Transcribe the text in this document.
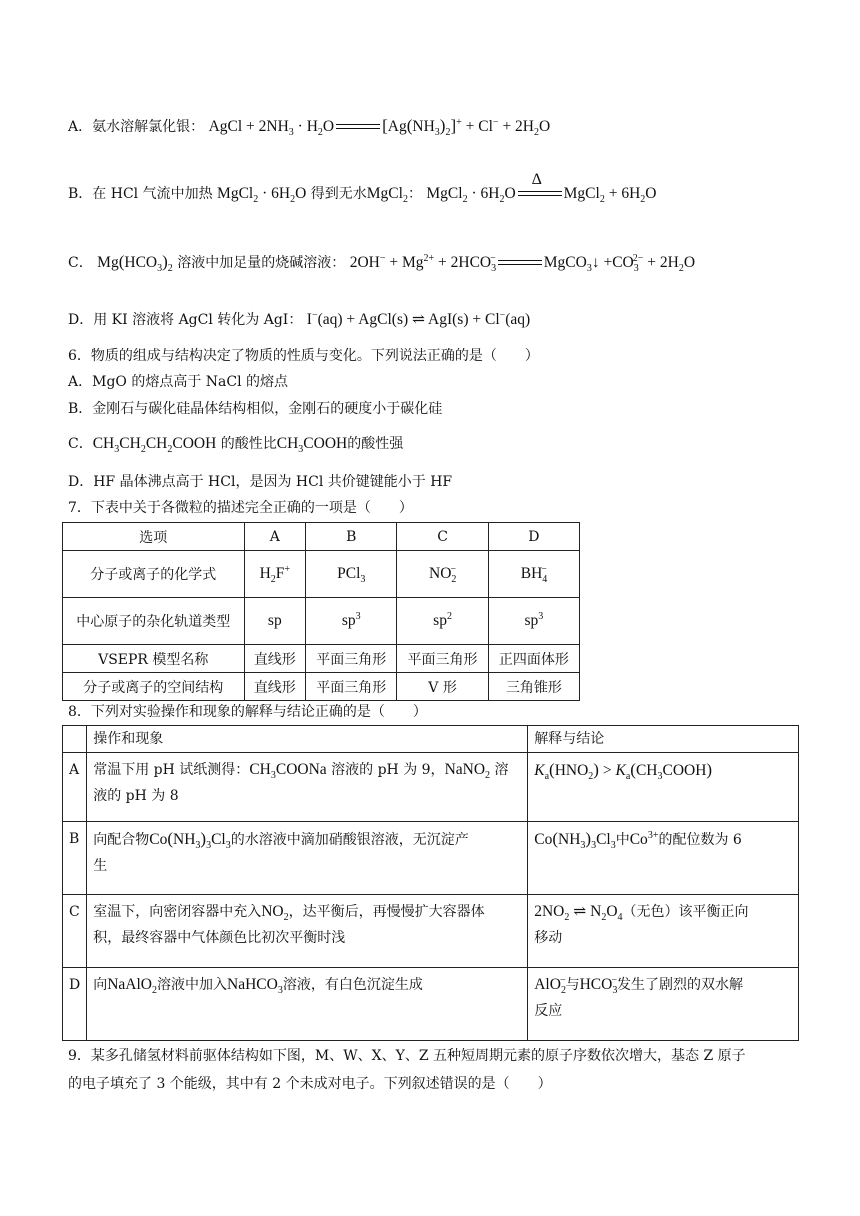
A．氨水溶解氯化银： AgCl + $2NH_3 \cdot H_2O$	$[Ag(NH_3)_2]^+ + Cl^- + 2H_2O$
B．在 HCl 气流中加热 MgCl$_2$ · $6H_2O$ 得到无水MgCl$_2$： MgCl$_2$ · $6H_2O$
Δ
MgCl$_2$ + $6H_2O$
C． $Mg(HCO_3)_2$ 溶液中加足量的烧碱溶液： $2OH^- + Mg^{2+} + 2HCO_3^-$	MgCO$_3$↓ $+CO_3^{2-} + 2H_2O$
D．用 KI 溶液将 AgCl 转化为 AgI： I−(aq) + AgCl(s) ⇌ AgI(s) + Cl−(aq)
6．物质的组成与结构决定了物质的性质与变化。下列说法正确的是（　　）
A．MgO 的熔点高于 NaCl 的熔点
B．金刚石与碳化硅晶体结构相似，金刚石的硬度小于碳化硅
C．$CH_3CH_2CH_2COOH$ 的酸性比$CH_3COOH$的酸性强
D．HF 晶体沸点高于 HCl，是因为 HCl 共价键键能小于 HF
7．下表中关于各微粒的描述完全正确的一项是（　　）
选项	A	B	C	D
分子或离子的化学式	$H_2F^+$	PCl$_3$	$NO_2^-$	$BH_4^-$
中心原子的杂化轨道类型	sp	$sp^3$	$sp^2$	$sp^3$
VSEPR 模型名称	直线形	平面三角形	平面三角形	正四面体形
分子或离子的空间结构	直线形	平面三角形	V 形	三角锥形
8．下列对实验操作和现象的解释与结论正确的是（　　）
	操作和现象	解释与结论
A	常温下用 pH 试纸测得：$CH_3COONa$ 溶液的 pH 为 9，NaNO$_2$ 溶
液的 pH 为 8	$K_a(HNO_2)$ > $K_a(CH_3COOH)$
B	向配合物$Co(NH_3)_3Cl_3$的水溶液中滴加硝酸银溶液，无沉淀产
生	$Co(NH_3)_3Cl_3$中$Co^{3+}$的配位数为 6
C	室温下，向密闭容器中充入$NO_2$，达平衡后，再慢慢扩大容器体
积，最终容器中气体颜色比初次平衡时浅	$2NO_2$ ⇌ $N_2O_4$（无色）该平衡正向
移动
D	向NaAlO$_2$溶液中加入NaHCO$_3$溶液，有白色沉淀生成	AlO$_2$−与$HCO_3^-$发生了剧烈的双水解
反应
9．某多孔储氢材料前驱体结构如下图，M、W、X、Y、Z 五种短周期元素的原子序数依次增大，基态 Z 原子
的电子填充了 3 个能级，其中有 2 个未成对电子。下列叙述错误的是（　　）
